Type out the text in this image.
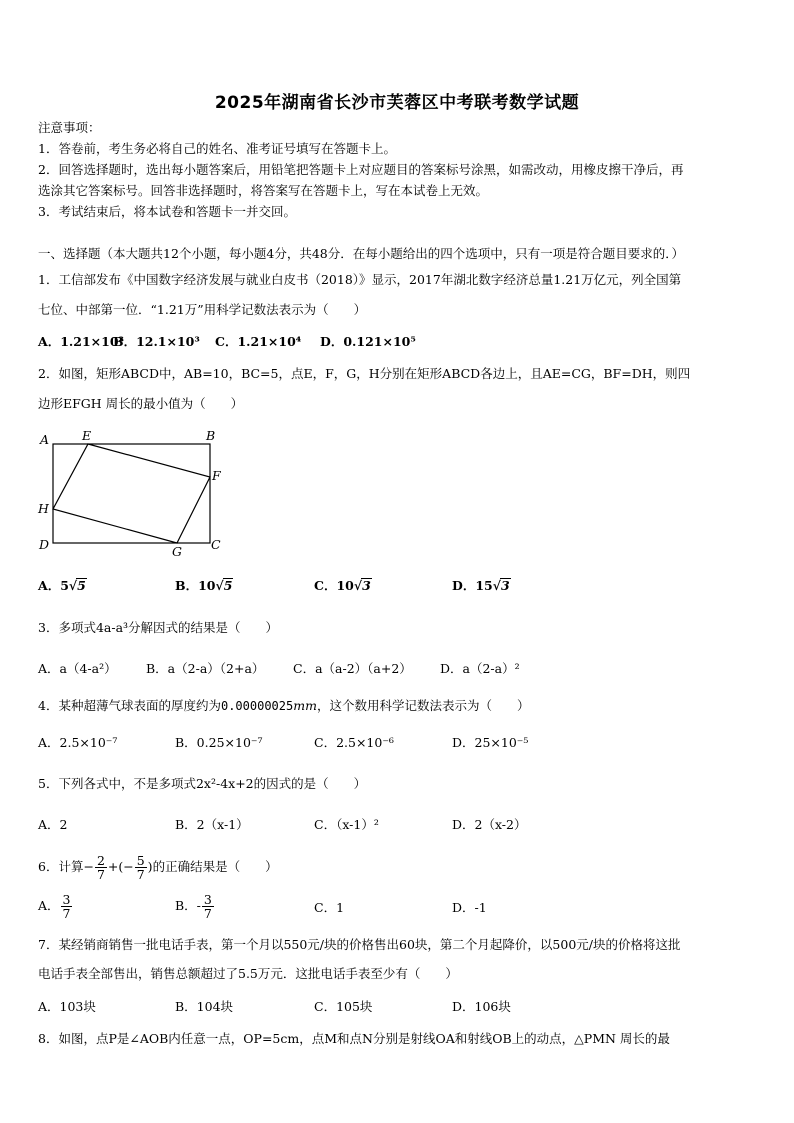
2025年湖南省长沙市芙蓉区中考联考数学试题
注意事项：
1．答卷前，考生务必将自己的姓名、准考证号填写在答题卡上。
2．回答选择题时，选出每小题答案后，用铅笔把答题卡上对应题目的答案标号涂黑，如需改动，用橡皮擦干净后，再
选涂其它答案标号。回答非选择题时，将答案写在答题卡上，写在本试卷上无效。
3．考试结束后，将本试卷和答题卡一并交回。
一、选择题（本大题共12个小题，每小题4分，共48分．在每小题给出的四个选项中，只有一项是符合题目要求的．）
1．工信部发布《中国数字经济发展与就业白皮书（2018）》显示，2017年湖北数字经济总量1.21万亿元，列全国第
七位、中部第一位．“1.21万”用科学记数法表示为（　　）
A．1.21×10³
B．12.1×10³ C．1.21×10⁴ D．0.121×10⁵
2．如图，矩形ABCD中，AB=10，BC=5，点E，F，G，H分别在矩形ABCD各边上，且AE=CG，BF=DH，则四
边形EFGH 周长的最小值为（　　）
A	E	B
F
H
D	G C
A．5√5	B．10√5	C．10√3	D．15√3
3．多项式4a-a³分解因式的结果是（　　）
A．a（4-a²） B．a（2-a）（2+a） C．a（a-2）（a+2） D．a（2-a）²
4．某种超薄气球表面的厚度约为0.00000025mm，这个数用科学记数法表示为（　　）
A．2.5×10⁻⁷	B．0.25×10⁻⁷	C．2.5×10⁻⁶	D．25×10⁻⁵
5．下列各式中，不是多项式2x²-4x+2的因式的是（　　）
A．2	B．2（x-1）	C．（x-1）²	D．2（x-2）
6．计算− $\frac{2}{7}$ +(− $\frac{5}{7}$ )的正确结果是（　　）
A． $\frac{3}{7}$	B．- $\frac{3}{7}$	C．1	D．-1
7．某经销商销售一批电话手表，第一个月以550元/块的价格售出60块，第二个月起降价，以500元/块的价格将这批
电话手表全部售出，销售总额超过了5.5万元．这批电话手表至少有（　　）
A．103块	B．104块	C．105块	D．106块
8．如图，点P是∠AOB内任意一点，OP=5cm，点M和点N分别是射线OA和射线OB上的动点，△PMN 周长的最
